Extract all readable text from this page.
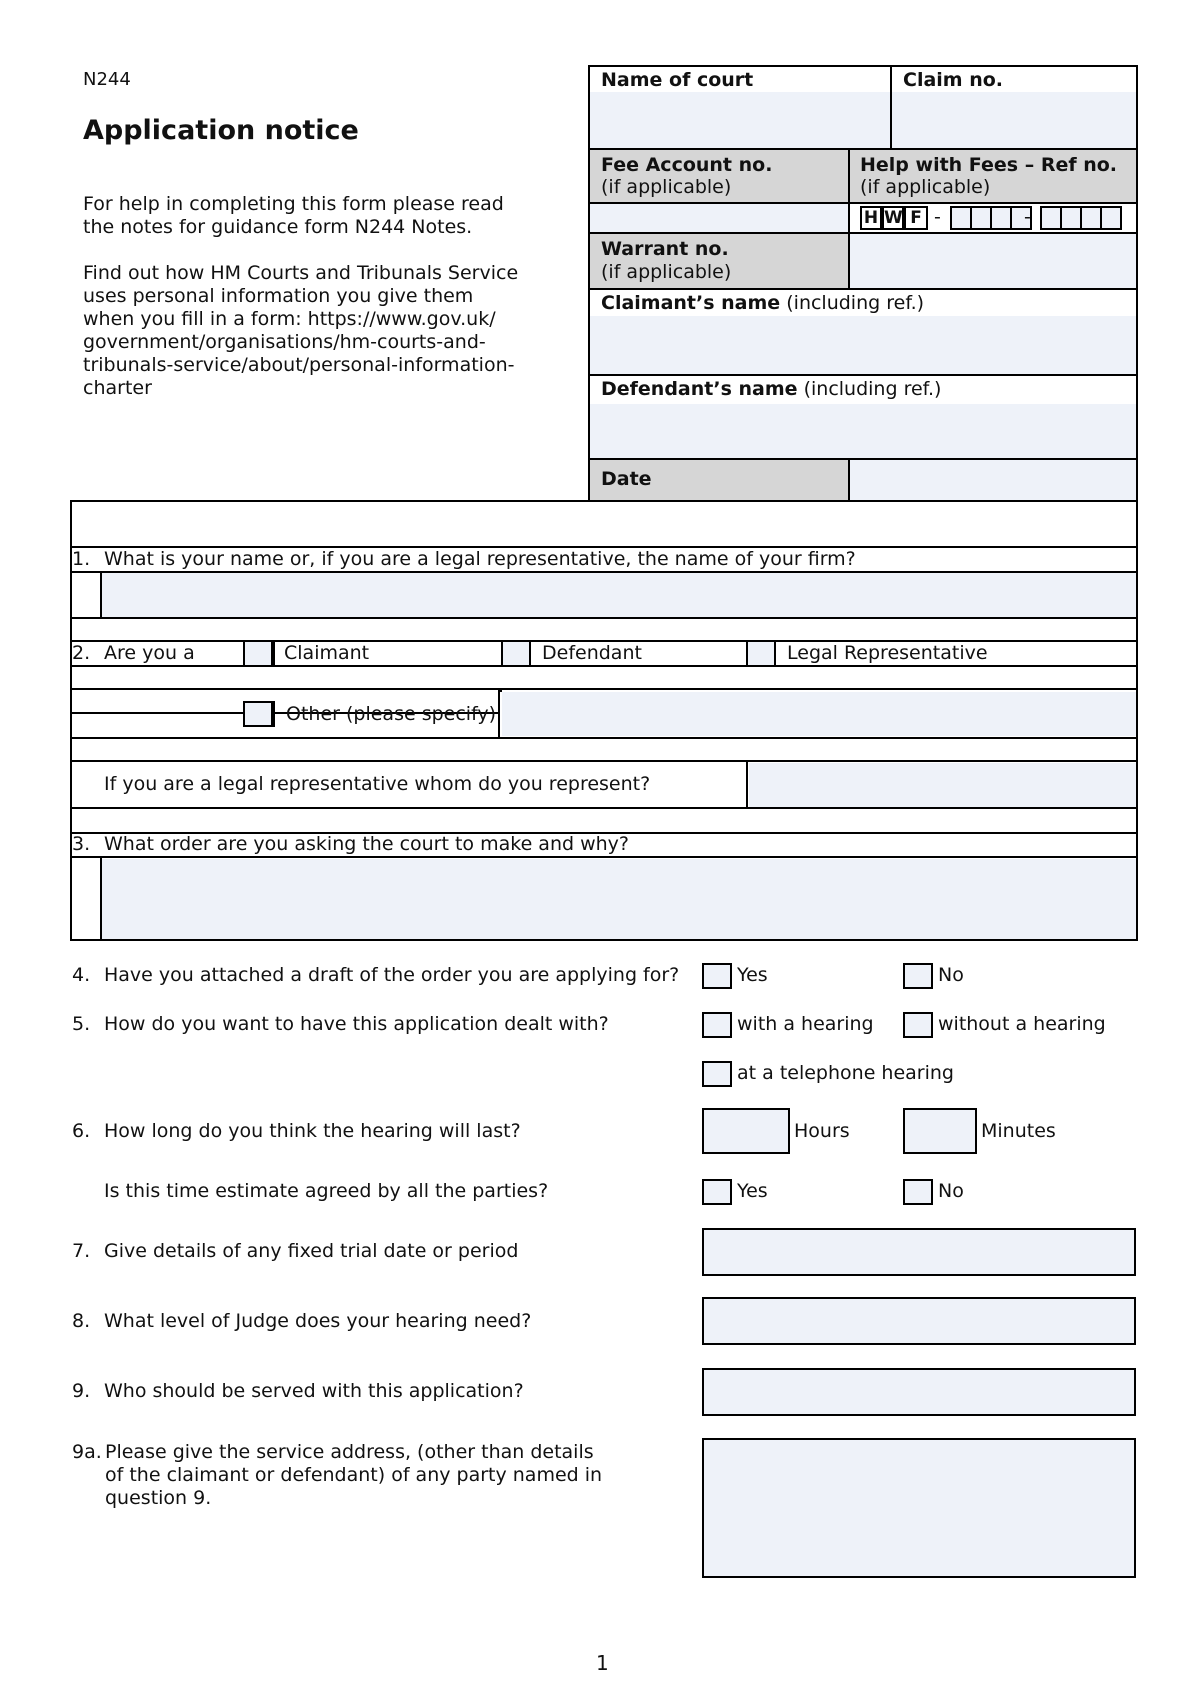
N244
Application notice
For help in completing this form please read
the notes for guidance form N244 Notes.
Find out how HM Courts and Tribunals Service
uses personal information you give them
when you fill in a form: https://www.gov.uk/
government/organisations/hm-courts-and-
tribunals-service/about/personal-information-
charter
Name of court	Claim no.
Fee Account no.
(if applicable)
Help with Fees – Ref no.
(if applicable)
H W F -	-
Warrant no.
(if applicable)
Claimant’s name (including ref.)
Defendant’s name (including ref.)
Date
1. What is your name or, if you are a legal representative, the name of your firm?
2. Are you a	Claimant	Defendant	Legal Representative
Other (please specify)
If you are a legal representative whom do you represent?
3. What order are you asking the court to make and why?
4. Have you attached a draft of the order you are applying for?	Yes	No
5. How do you want to have this application dealt with?	with a hearing	without a hearing
at a telephone hearing
6. How long do you think the hearing will last?	Hours	Minutes
Is this time estimate agreed by all the parties?	Yes	No
7. Give details of any fixed trial date or period
8. What level of Judge does your hearing need?
9. Who should be served with this application?
9a. Please give the service address, (other than details
of the claimant or defendant) of any party named in
question 9.
1
